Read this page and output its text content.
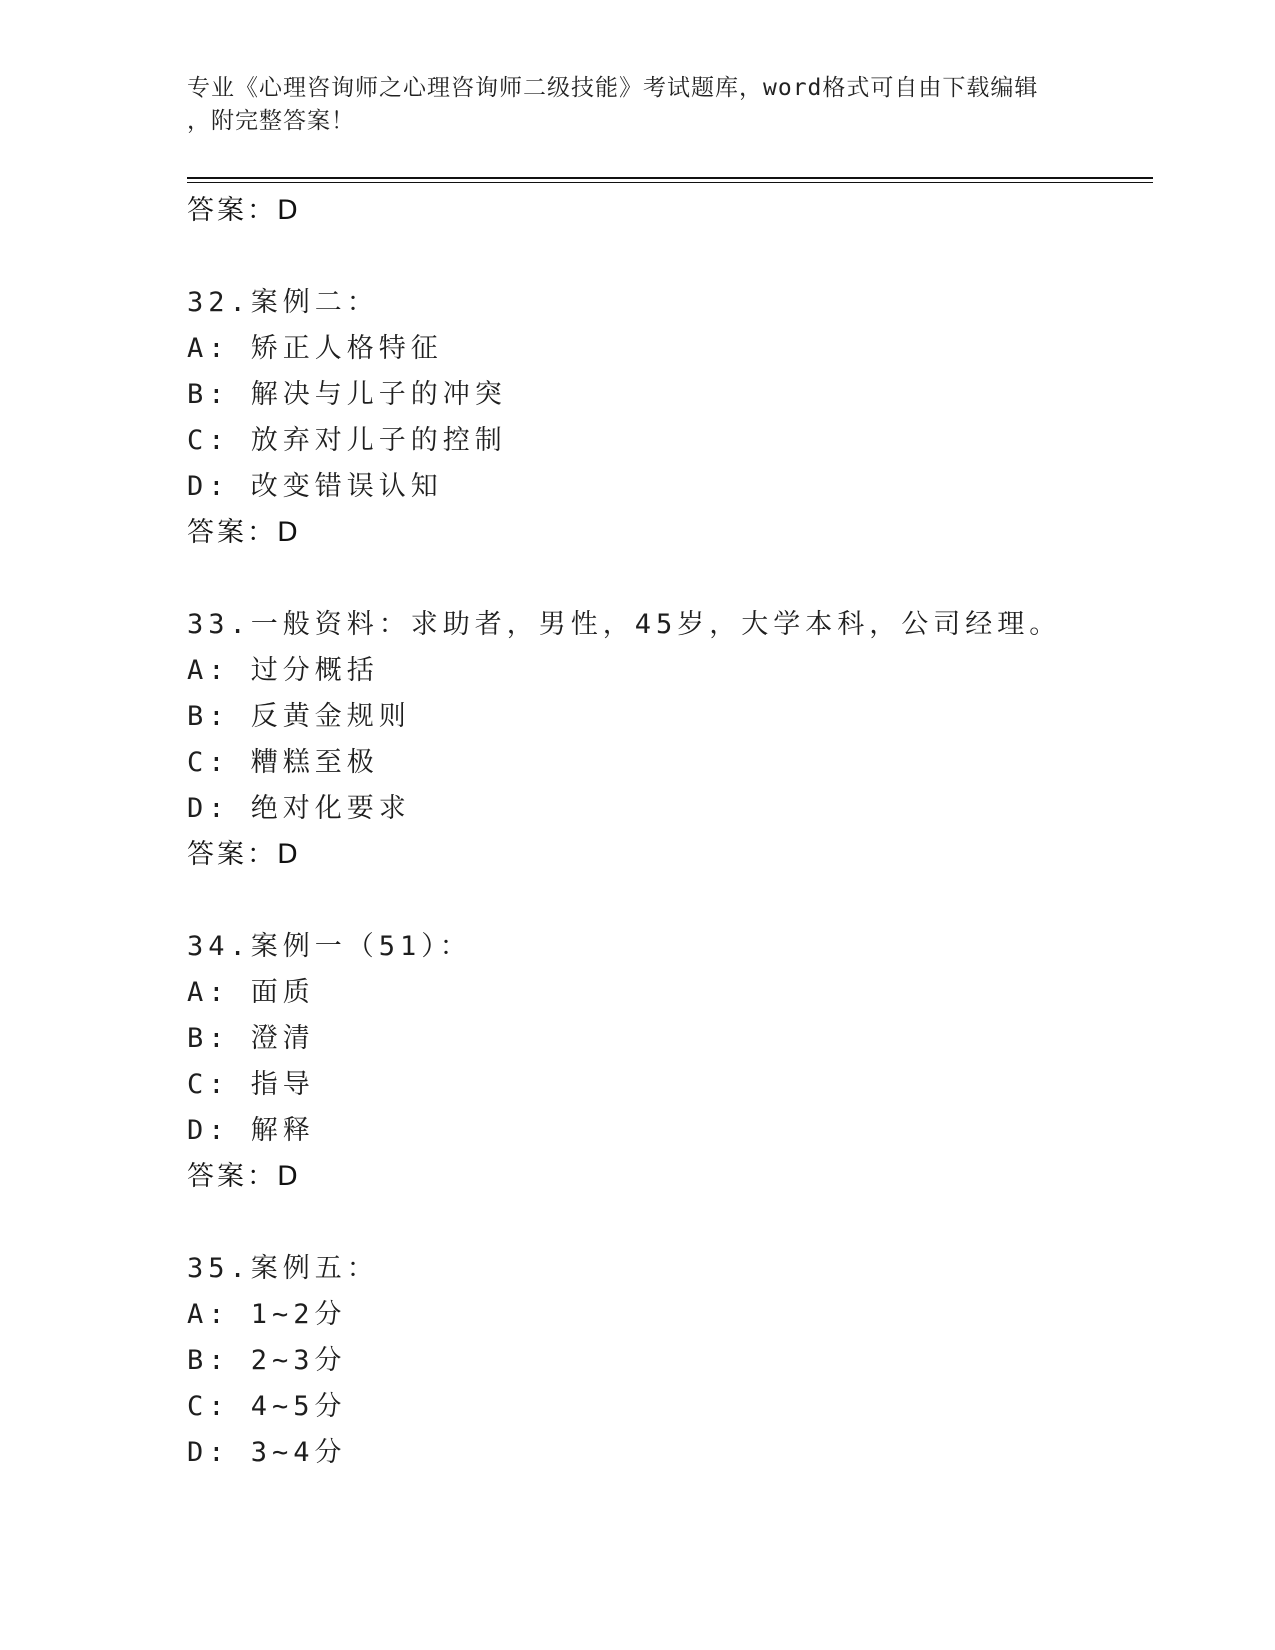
专业《心理咨询师之心理咨询师二级技能》考试题库，word格式可自由下载编辑
，附完整答案！
答案：D
32.案例二：
A: 矫正人格特征
B: 解决与儿子的冲突
C: 放弃对儿子的控制
D: 改变错误认知
答案：D
33.一般资料：求助者，男性，45岁，大学本科，公司经理。
A: 过分概括
B: 反黄金规则
C: 糟糕至极
D: 绝对化要求
答案：D
34.案例一（51）：
A: 面质
B: 澄清
C: 指导
D: 解释
答案：D
35.案例五：
A: 1~2分
B: 2~3分
C: 4~5分
D: 3~4分
